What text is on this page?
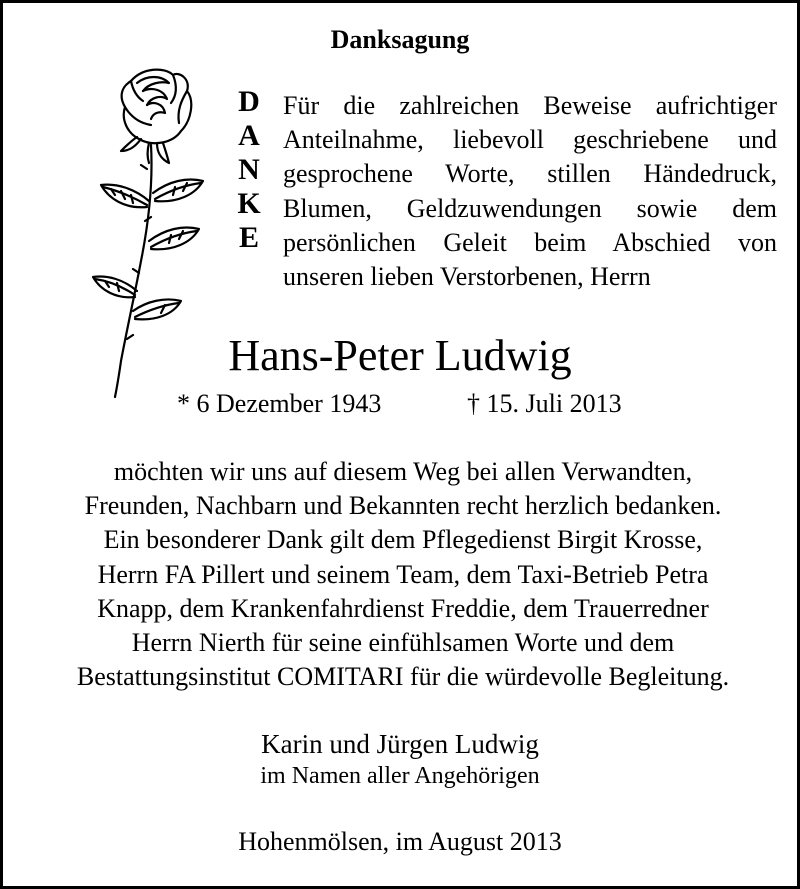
Danksagung
D
A
N
K
E
Für die zahlreichen Beweise aufrichtiger
Anteilnahme, liebevoll geschriebene und
gesprochene Worte, stillen Händedruck,
Blumen, Geldzuwendungen sowie dem
persönlichen Geleit beim Abschied von
unseren lieben Verstorbenen, Herrn
Hans-Peter Ludwig
* 6 Dezember 1943	† 15. Juli 2013
möchten wir uns auf diesem Weg bei allen Verwandten,
Freunden, Nachbarn und Bekannten recht herzlich bedanken.
Ein besonderer Dank gilt dem Pflegedienst Birgit Krosse,
Herrn FA Pillert und seinem Team, dem Taxi-Betrieb Petra
Knapp, dem Krankenfahrdienst Freddie, dem Trauerredner
Herrn Nierth für seine einfühlsamen Worte und dem
Bestattungsinstitut COMITARI für die würdevolle Begleitung.
Karin und Jürgen Ludwig
im Namen aller Angehörigen
Hohenmölsen, im August 2013
